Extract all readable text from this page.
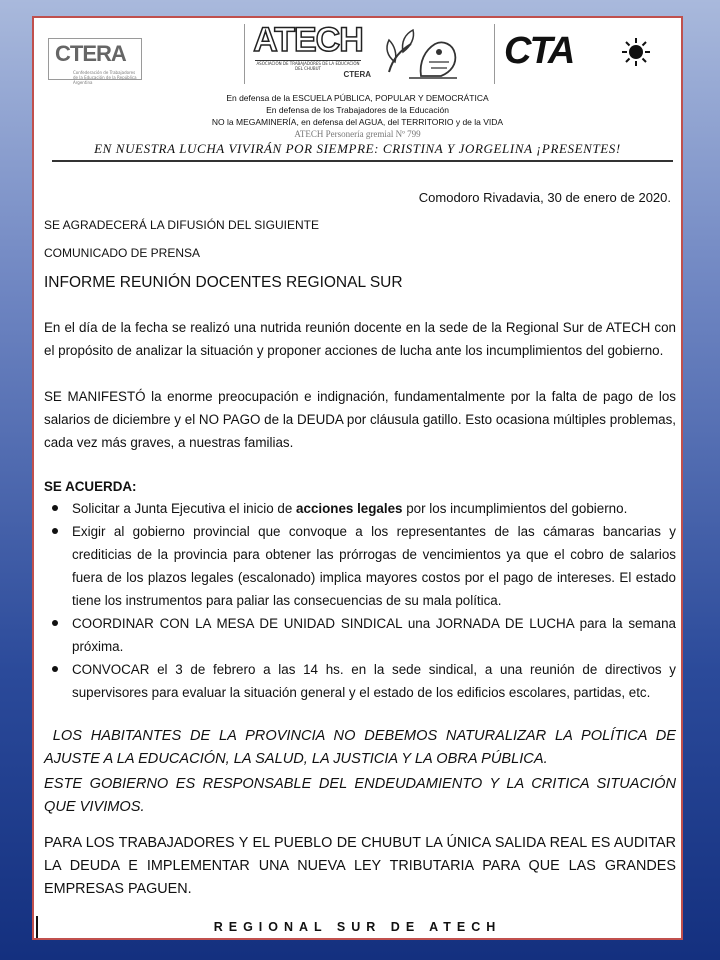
CTERA
Confederación de Trabajadores de la Educación de la República Argentina
ATECH
ASOCIACIÓN DE TRABAJADORES DE LA EDUCACIÓN DEL CHUBUT
CTERA
CTA
En defensa de la ESCUELA PÚBLICA, POPULAR Y DEMOCRÁTICA
En defensa de los Trabajadores de la Educación
NO la MEGAMINERÍA, en defensa del AGUA, del TERRITORIO y de la VIDA
ATECH Personería gremial Nº 799
EN NUESTRA LUCHA VIVIRÁN POR SIEMPRE: CRISTINA Y JORGELINA ¡PRESENTES!
Comodoro Rivadavia, 30 de enero de 2020.
SE AGRADECERÁ LA DIFUSIÓN DEL SIGUIENTE
COMUNICADO DE PRENSA
INFORME REUNIÓN DOCENTES REGIONAL SUR
En el día de la fecha se realizó una nutrida reunión docente en la sede de la Regional Sur de ATECH con el propósito de analizar la situación y proponer acciones de lucha ante los incumplimientos del gobierno.
SE MANIFESTÓ la enorme preocupación e indignación, fundamentalmente por la falta de pago de los salarios de diciembre y el NO PAGO de la DEUDA por cláusula gatillo. Esto ocasiona múltiples problemas, cada vez más graves, a nuestras familias.
SE ACUERDA:
Solicitar a Junta Ejecutiva el inicio de acciones legales por los incumplimientos del gobierno.
Exigir al gobierno provincial que convoque a los representantes de las cámaras bancarias y crediticias de la provincia para obtener las prórrogas de vencimientos ya que el cobro de salarios fuera de los plazos legales (escalonado) implica mayores costos por el pago de intereses. El estado tiene los instrumentos para paliar las consecuencias de su mala política.
COORDINAR CON LA MESA DE UNIDAD SINDICAL una JORNADA DE LUCHA para la semana próxima.
CONVOCAR el 3 de febrero a las 14 hs. en la sede sindical, a una reunión de directivos y supervisores para evaluar la situación general y el estado de los edificios escolares, partidas, etc.
LOS HABITANTES DE LA PROVINCIA NO DEBEMOS NATURALIZAR LA POLÍTICA DE AJUSTE A LA EDUCACIÓN, LA SALUD, LA JUSTICIA Y LA OBRA PÚBLICA.
ESTE GOBIERNO ES RESPONSABLE DEL ENDEUDAMIENTO Y LA CRITICA SITUACIÓN QUE VIVIMOS.
PARA LOS TRABAJADORES Y EL PUEBLO DE CHUBUT LA ÚNICA SALIDA REAL ES AUDITAR LA DEUDA E IMPLEMENTAR UNA NUEVA LEY TRIBUTARIA PARA QUE LAS GRANDES EMPRESAS PAGUEN.
REGIONAL SUR DE ATECH
